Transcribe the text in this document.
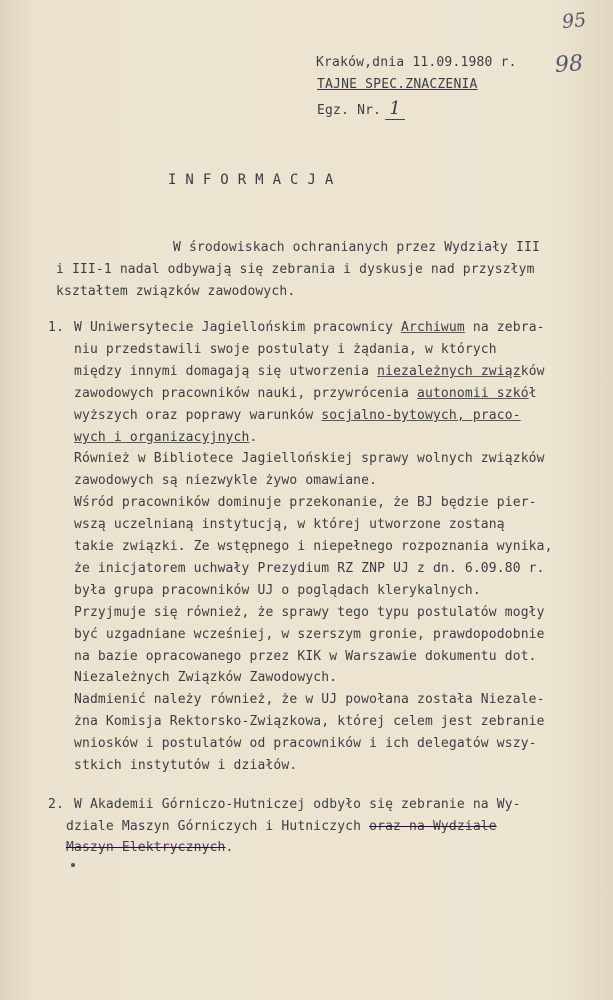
95
98
Kraków,dnia 11.09.1980 r.
TAJNE SPEC.ZNACZENIA
Egz. Nr. 1
INFORMACJA
W środowiskach ochranianych przez Wydziały III
i III-1 nadal odbywają się zebrania i dyskusje nad przyszłym
kształtem związków zawodowych.
1. W Uniwersytecie Jagiellońskim pracownicy Archiwum na zebra-
niu przedstawili swoje postulaty i żądania, w których
między innymi domagają się utworzenia niezależnych związków
zawodowych pracowników nauki, przywrócenia autonomii szkół
wyższych oraz poprawy warunków socjalno-bytowych, praco-
wych i organizacyjnych.
Również w Bibliotece Jagiellońskiej sprawy wolnych związków
zawodowych są niezwykle żywo omawiane.
Wśród pracowników dominuje przekonanie, że BJ będzie pier-
wszą uczelnianą instytucją, w której utworzone zostaną
takie związki. Ze wstępnego i niepełnego rozpoznania wynika,
że inicjatorem uchwały Prezydium RZ ZNP UJ z dn. 6.09.80 r.
była grupa pracowników UJ o poglądach klerykalnych.
Przyjmuje się również, że sprawy tego typu postulatów mogły
być uzgadniane wcześniej, w szerszym gronie, prawdopodobnie
na bazie opracowanego przez KIK w Warszawie dokumentu dot.
Niezależnych Związków Zawodowych.
Nadmienić należy również, że w UJ powołana została Niezale-
żna Komisja Rektorsko-Związkowa, której celem jest zebranie
wniosków i postulatów od pracowników i ich delegatów wszy-
stkich instytutów i działów.
2. W Akademii Górniczo-Hutniczej odbyło się zebranie na Wy-
dziale Maszyn Górniczych i Hutniczych oraz na Wydziale
Maszyn Elektrycznych.
